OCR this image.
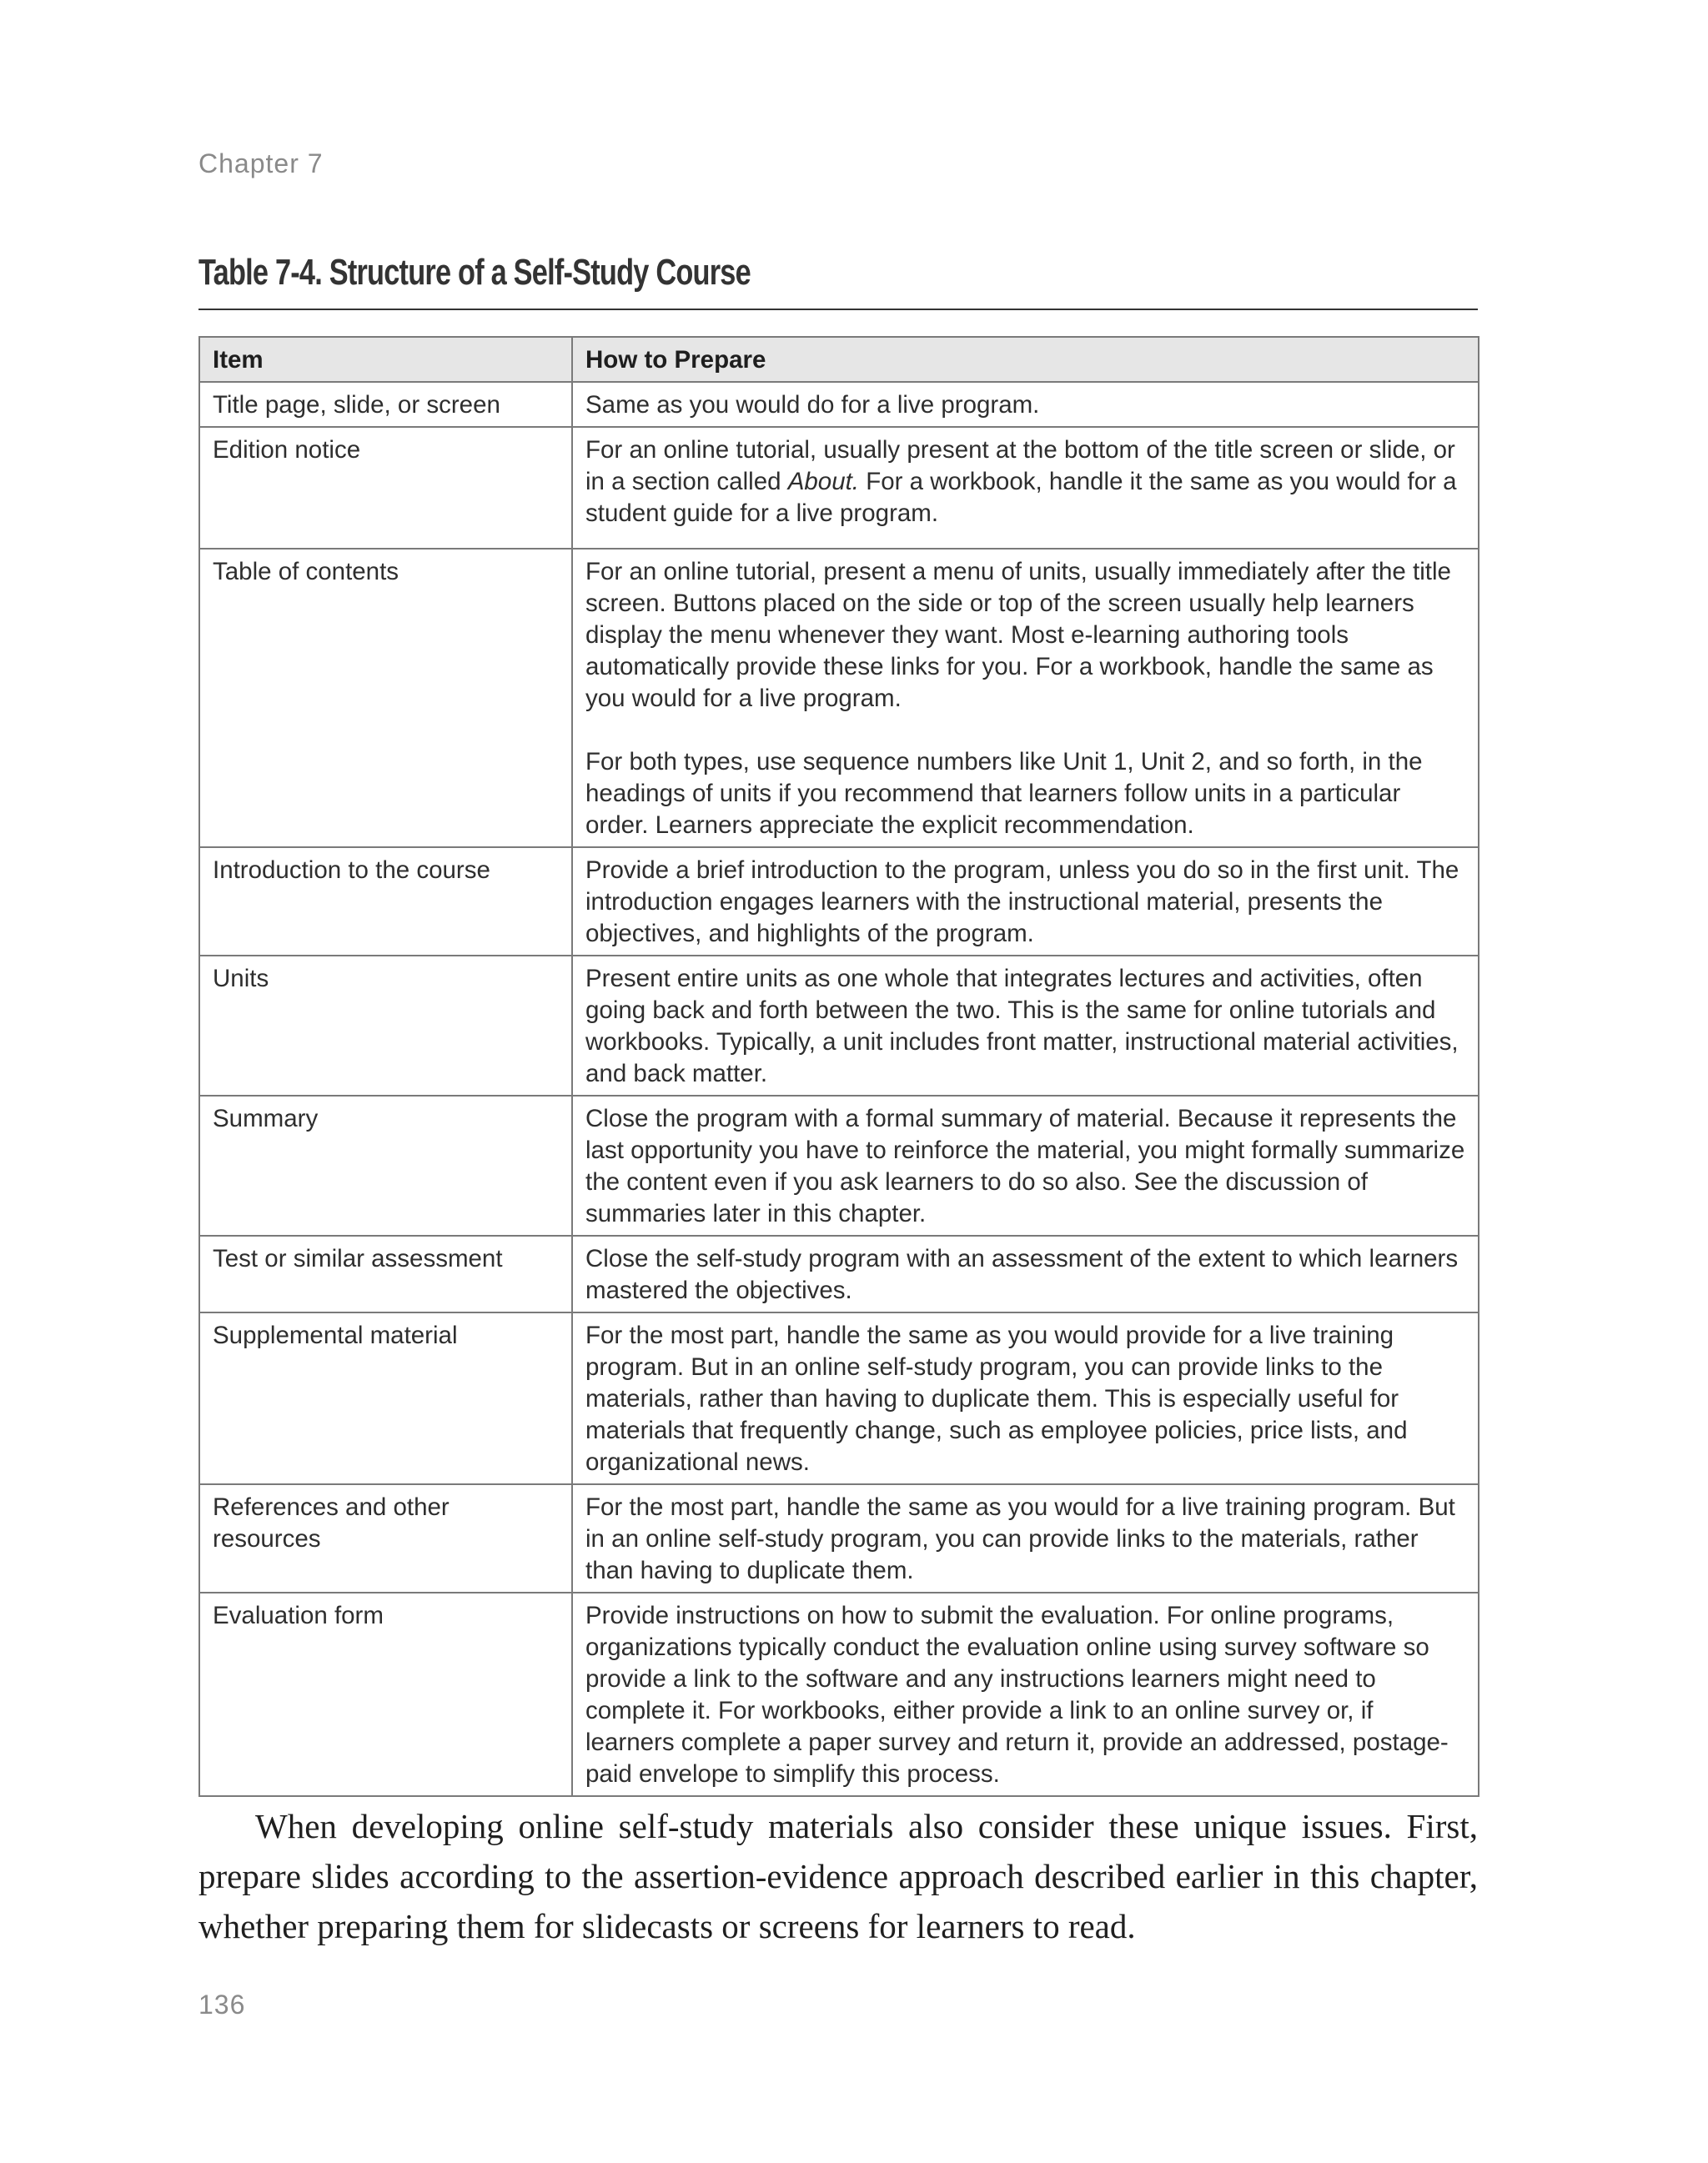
Chapter 7
Table 7-4. Structure of a Self-Study Course
Item	How to Prepare
Title page, slide, or screen	Same as you would do for a live program.

Edition notice	For an online tutorial, usually present at the bottom of the title screen or slide, or in a section called About. For a workbook, handle it the same as you would for a student guide for a live program.

Table of contents	For an online tutorial, present a menu of units, usually immediately after the title screen. Buttons placed on the side or top of the screen usually help learners display the menu whenever they want. Most e-learning authoring tools automatically provide these links for you. For a workbook, handle the same as you would for a live program.
For both types, use sequence numbers like Unit 1, Unit 2, and so forth, in the headings of units if you recommend that learners follow units in a particular order. Learners appreciate the explicit recommendation.

Introduction to the course	Provide a brief introduction to the program, unless you do so in the first unit. The introduction engages learners with the instructional material, presents the objectives, and highlights of the program.

Units	Present entire units as one whole that integrates lectures and activities, often going back and forth between the two. This is the same for online tutorials and workbooks. Typically, a unit includes front matter, instructional material activities, and back matter.

Summary	Close the program with a formal summary of material. Because it represents the last opportunity you have to reinforce the material, you might formally summarize the content even if you ask learners to do so also. See the discussion of summaries later in this chapter.

Test or similar assessment	Close the self-study program with an assessment of the extent to which learners mastered the objectives.

Supplemental material	For the most part, handle the same as you would provide for a live training program. But in an online self-study program, you can provide links to the materials, rather than having to duplicate them. This is especially useful for materials that frequently change, such as employee policies, price lists, and organizational news.

References and other resources	For the most part, handle the same as you would for a live training program. But in an online self-study program, you can provide links to the materials, rather than having to duplicate them.

Evaluation form	Provide instructions on how to submit the evaluation. For online programs, organizations typically conduct the evaluation online using survey software so provide a link to the software and any instructions learners might need to complete it. For workbooks, either provide a link to an online survey or, if learners complete a paper survey and return it, provide an addressed, postage-paid envelope to simplify this process.

When developing online self-study materials also consider these unique issues. First, prepare slides according to the assertion-evidence approach described earlier in this chapter, whether preparing them for slidecasts or screens for learners to read.

136
